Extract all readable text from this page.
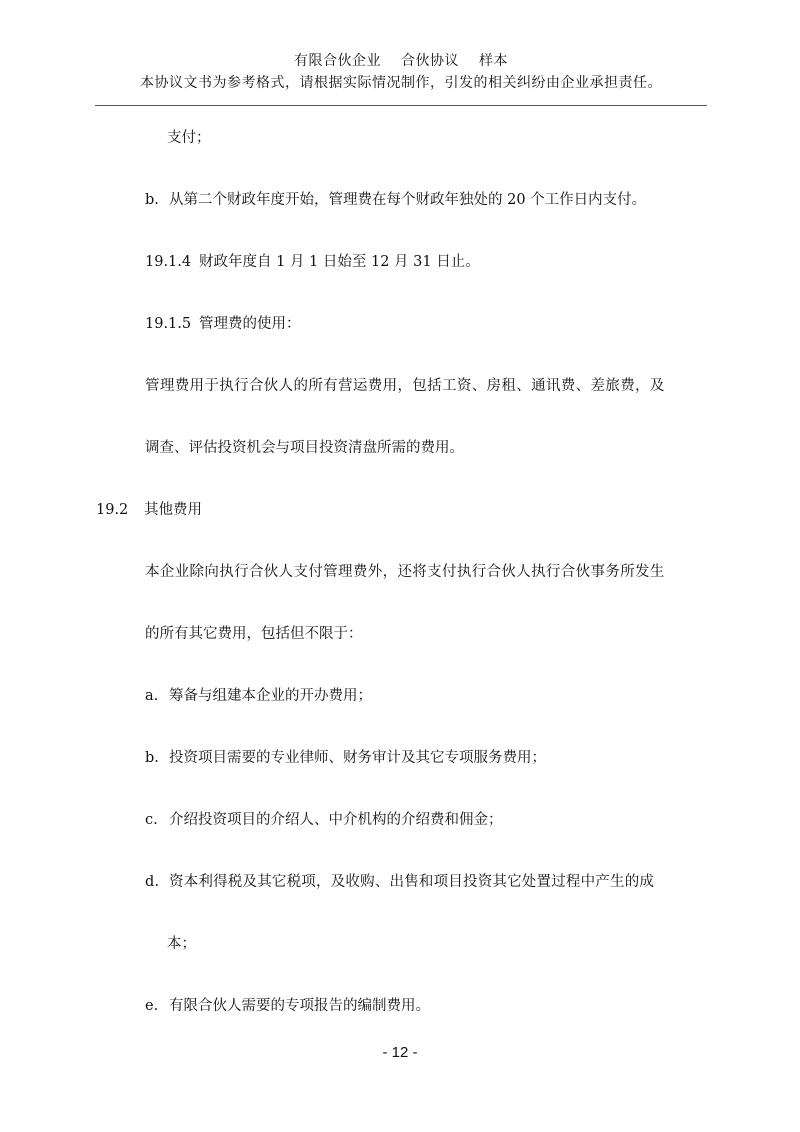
有限合伙企业 合伙协议 样本
本协议文书为参考格式，请根据实际情况制作，引发的相关纠纷由企业承担责任。
支付；
b. 从第二个财政年度开始，管理费在每个财政年独处的 20 个工作日内支付。
19.1.4 财政年度自 1 月 1 日始至 12 月 31 日止。
19.1.5 管理费的使用：
管理费用于执行合伙人的所有营运费用，包括工资、房租、通讯费、差旅费，及
调查、评估投资机会与项目投资清盘所需的费用。
19.2 其他费用
本企业除向执行合伙人支付管理费外，还将支付执行合伙人执行合伙事务所发生
的所有其它费用，包括但不限于：
a. 筹备与组建本企业的开办费用；
b. 投资项目需要的专业律师、财务审计及其它专项服务费用；
c. 介绍投资项目的介绍人、中介机构的介绍费和佣金；
d. 资本利得税及其它税项，及收购、出售和项目投资其它处置过程中产生的成
本；
e. 有限合伙人需要的专项报告的编制费用。
- 12 -
